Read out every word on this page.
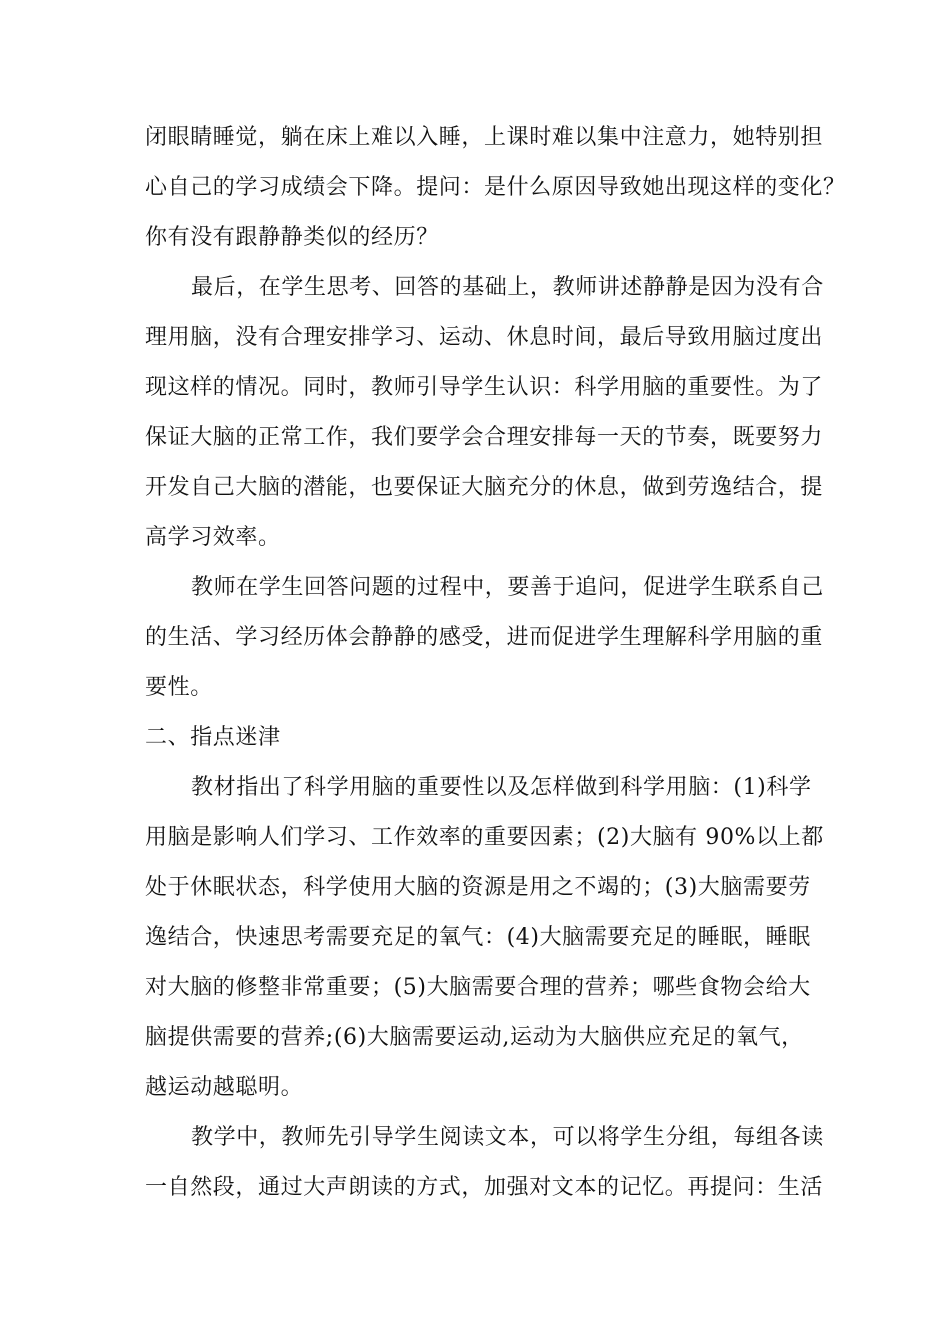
闭眼睛睡觉，躺在床上难以入睡，上课时难以集中注意力，她特别担
心自己的学习成绩会下降。提问：是什么原因导致她出现这样的变化？
你有没有跟静静类似的经历？
最后，在学生思考、回答的基础上，教师讲述静静是因为没有合
理用脑，没有合理安排学习、运动、休息时间，最后导致用脑过度出
现这样的情况。同时，教师引导学生认识：科学用脑的重要性。为了
保证大脑的正常工作，我们要学会合理安排每一天的节奏，既要努力
开发自己大脑的潜能，也要保证大脑充分的休息，做到劳逸结合，提
高学习效率。
教师在学生回答问题的过程中，要善于追问，促进学生联系自己
的生活、学习经历体会静静的感受，进而促进学生理解科学用脑的重
要性。
二、指点迷津
教材指出了科学用脑的重要性以及怎样做到科学用脑：(1)科学
用脑是影响人们学习、工作效率的重要因素；(2)大脑有 90%以上都
处于休眠状态，科学使用大脑的资源是用之不竭的；(3)大脑需要劳
逸结合，快速思考需要充足的氧气：(4)大脑需要充足的睡眠，睡眠
对大脑的修整非常重要；(5)大脑需要合理的营养；哪些食物会给大
脑提供需要的营养;(6)大脑需要运动,运动为大脑供应充足的氧气，
越运动越聪明。
教学中，教师先引导学生阅读文本，可以将学生分组，每组各读
一自然段，通过大声朗读的方式，加强对文本的记忆。再提问：生活
